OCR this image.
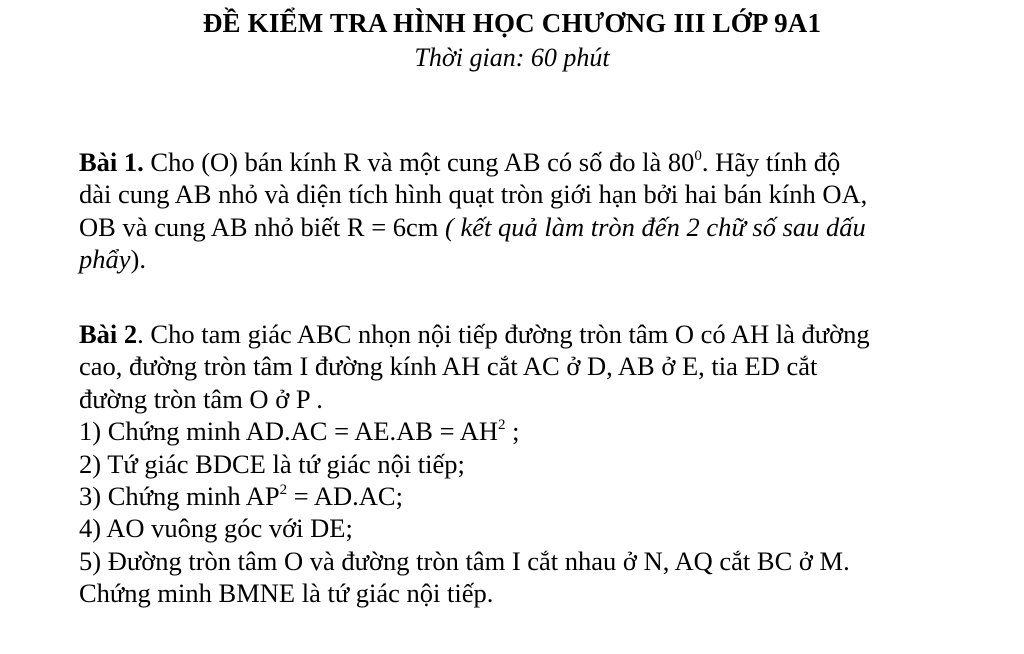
ĐỀ KIỂM TRA HÌNH HỌC CHƯƠNG III LỚP 9A1
Thời gian: 60 phút
Bài 1. Cho (O) bán kính R và một cung AB có số đo là $80^0$. Hãy tính độ
dài cung AB nhỏ và diện tích hình quạt tròn giới hạn bởi hai bán kính OA,
OB và cung AB nhỏ biết R = 6cm ( kết quả làm tròn đến 2 chữ số sau dấu
phẩy).
Bài 2. Cho tam giác ABC nhọn nội tiếp đường tròn tâm O có AH là đường
cao, đường tròn tâm I đường kính AH cắt AC ở D, AB ở E, tia ED cắt
đường tròn tâm O ở P .
1) Chứng minh $AD.AC = AE.AB = AH^2$ ;
2) Tứ giác BDCE là tứ giác nội tiếp;
3) Chứng minh $AP^2 = AD.AC$;
4) AO vuông góc với DE;
5) Đường tròn tâm O và đường tròn tâm I cắt nhau ở N, AQ cắt BC ở M.
Chứng minh BMNE là tứ giác nội tiếp.
